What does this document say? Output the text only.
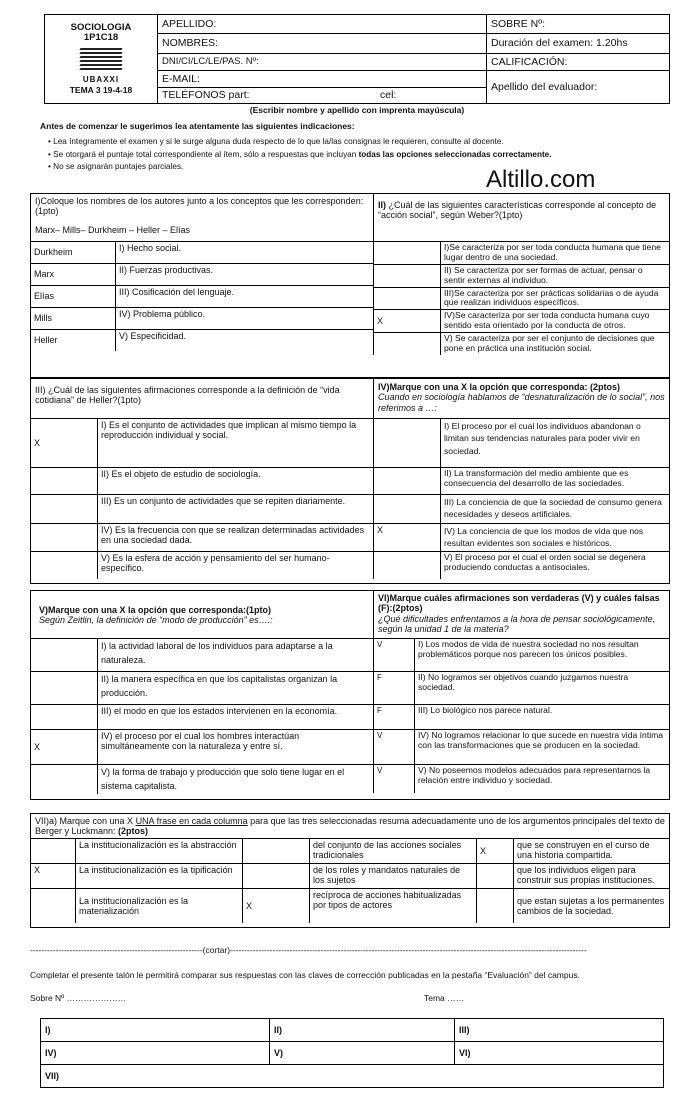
SOCIOLOGIA
1P1C18
UBAXXI
TEMA 3 19-4-18	APELLIDO:	SOBRE Nº:
	NOMBRES:	Duración del examen: 1.20hs
	DNI/CI/LC/LE/PAS. Nº:	CALIFICACIÓN:
	E-MAIL:	Apellido del evaluador:
	TELÉFONOS part: cel:	
(Escribir nombre y apellido con imprenta mayúscula)
Antes de comenzar le sugerimos lea atentamente las siguientes indicaciones:
• Lea íntegramente el examen y si le surge alguna duda respecto de lo que la/las consignas le requieren, consulte al docente.
• Se otorgará el puntaje total correspondiente al ítem, sólo a respuestas que incluyan todas las opciones seleccionadas correctamente.
• No se asignarán puntajes parciales.	Altillo.com
I)Coloque los nombres de los autores junto a los conceptos que les corresponden:(1pto)
Marx– Mills– Durkheim – Heller – Elías
II) ¿Cuál de las siguientes características corresponde al concepto de “acción social”, según Weber?(1pto)
Durkheim	I) Hecho social.
Marx	II) Fuerzas productivas.
Elías	III) Cosificación del lenguaje.
Mills	IV) Problema público.
Heller	V) Especificidad.
	I)Se caracteriza por ser toda conducta humana que tiene lugar dentro de una sociedad.
	II) Se caracteriza por ser formas de actuar, pensar o sentir externas al individuo.
	III)Se caracteriza por ser prácticas solidarias o de ayuda que realizan individuos específicos.
X	IV)Se caracteriza por ser toda conducta humana cuyo sentido esta orientado por la conducta de otros.
	V) Se caracteriza por ser el conjunto de decisiones que pone en práctica una institución social.
III) ¿Cuál de las siguientes afirmaciones corresponde a la definición de “vida cotidiana” de Heller?(1pto)
IV)Marque con una X la opción que corresponda: (2ptos)
Cuando en sociología hablamos de “desnaturalización de lo social”, nos referimos a …:
X	I) Es el conjunto de actividades que implican al mismo tiempo la reproducción individual y social.
	II) Es el objeto de estudio de sociología.
	III) Es un conjunto de actividades que se repiten diariamente.
	IV) Es la frecuencia con que se realizan determinadas actividades en una sociedad dada.
	V) Es la esfera de acción y pensamiento del ser humano-específico.
	I) El proceso por el cual los individuos abandonan o limitan sus tendencias naturales para poder vivir en sociedad.
	II) La transformación del medio ambiente que es consecuencia del desarrollo de las sociedades.
	III) La conciencia de que la sociedad de consumo genera necesidades y deseos artificiales.
X	IV) La conciencia de que los modos de vida que nos resultan evidentes son sociales e históricos.
	V) El proceso por el cual el orden social se degenera produciendo conductas a antisociales.
V)Marque con una X la opción que corresponda:(1pto)
Según Zeitlin, la definición de “modo de producción” es….:
VI)Marque cuáles afirmaciones son verdaderas (V) y cuáles falsas (F):(2ptos)
¿Qué dificultades enfrentamos a la hora de pensar sociológicamente, según la unidad 1 de la materia?
	I) la actividad laboral de los individuos para adaptarse a la naturaleza.
	II) la manera específica en que los capitalistas organizan la producción.
	III) el modo en que los estados intervienen en la economía.
X	IV) el proceso por el cual los hombres interactúan simultáneamente con la naturaleza y entre sí.
	V) la forma de trabajo y producción que solo tiene lugar en el sistema capitalista.
V	I) Los modos de vida de nuestra sociedad no nos resultan problemáticos porque nos parecen los únicos posibles.
F	II) No logramos ser objetivos cuando juzgamos nuestra sociedad.
F	III) Lo biológico nos parece natural.
V	IV) No logramos relacionar lo que sucede en nuestra vida íntima con las transformaciones que se producen en la sociedad.
V	V) No poseemos modelos adecuados para representarnos la relación entre individuo y sociedad.
VII)a) Marque con una X UNA frase en cada columna para que las tres seleccionadas resuma adecuadamente uno de los argumentos principales del texto de Berger y Luckmann: (2ptos)
	La institucionalización es la abstracción		del conjunto de las acciones sociales tradicionales	X	que se construyen en el curso de una historia compartida.
X	La institucionalización es la tipificación		de los roles y mandatos naturales de los sujetos		que los individuos eligen para construir sus propias instituciones.
	La institucionalización es la materialización	X	recíproca de acciones habitualizadas por tipos de actores		que estan sujetas a los permanentes cambios de la sociedad.
-------------------------------------------------------------(cortar)------------------------------------------------------------------------------------------------------------------------------
Completar el presente talón le permitirá comparar sus respuestas con las claves de corrección publicadas en la pestaña “Evaluación” del campus.
Sobre Nº …………………	Tema ……
I)	II)	III)
IV)	V)	VI)
VII)		
